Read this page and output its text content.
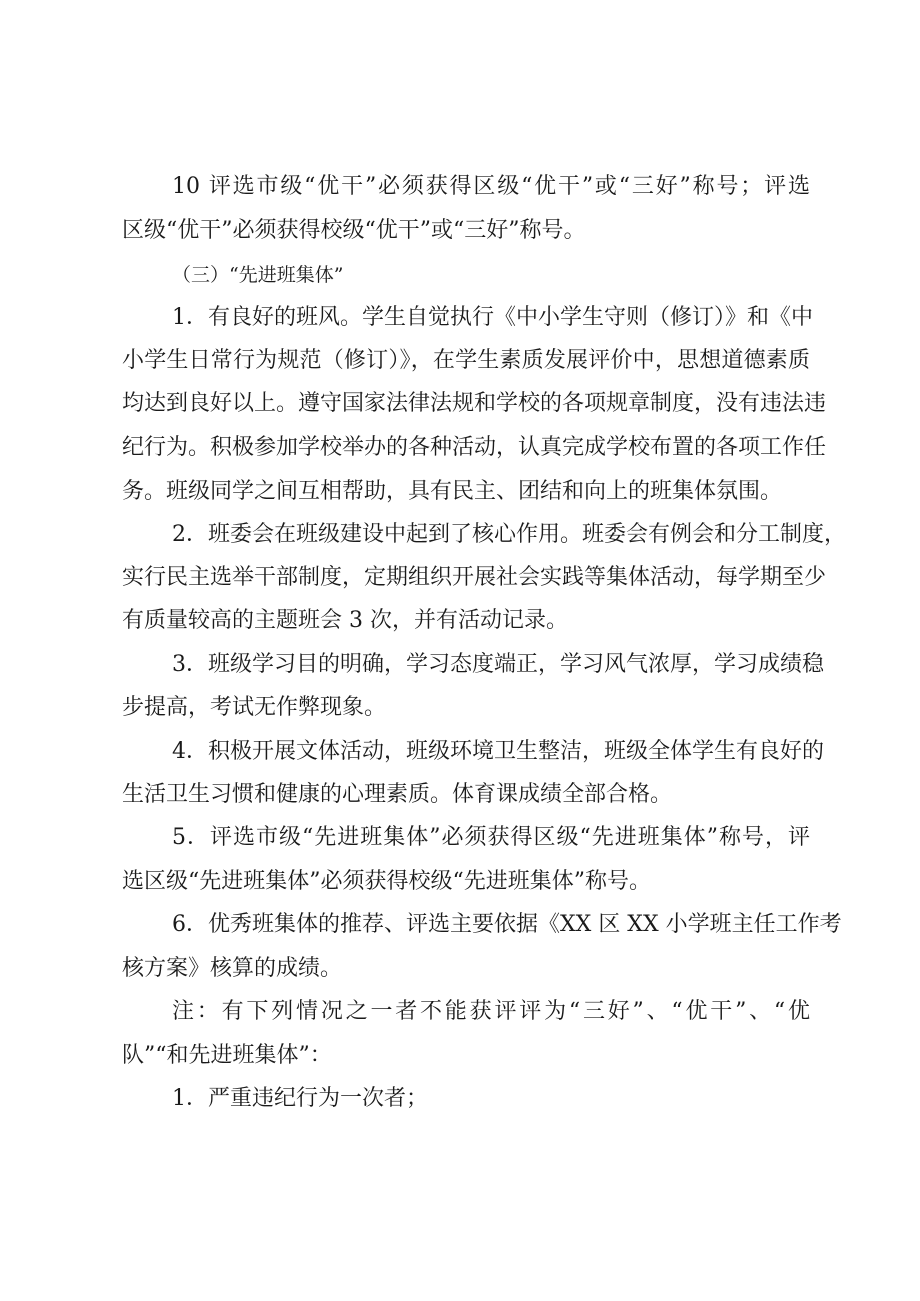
10 评选市级“优干”必须获得区级“优干”或“三好”称号；评选
区级“优干”必须获得校级“优干”或“三好”称号。
（三）“先进班集体”
1．有良好的班风。学生自觉执行《中小学生守则（修订）》和《中
小学生日常行为规范（修订）》，在学生素质发展评价中，思想道德素质
均达到良好以上。遵守国家法律法规和学校的各项规章制度，没有违法违
纪行为。积极参加学校举办的各种活动，认真完成学校布置的各项工作任
务。班级同学之间互相帮助，具有民主、团结和向上的班集体氛围。
2．班委会在班级建设中起到了核心作用。班委会有例会和分工制度，
实行民主选举干部制度，定期组织开展社会实践等集体活动，每学期至少
有质量较高的主题班会 3 次，并有活动记录。
3．班级学习目的明确，学习态度端正，学习风气浓厚，学习成绩稳
步提高，考试无作弊现象。
4．积极开展文体活动，班级环境卫生整洁，班级全体学生有良好的
生活卫生习惯和健康的心理素质。体育课成绩全部合格。
5．评选市级“先进班集体”必须获得区级“先进班集体”称号，评
选区级“先进班集体”必须获得校级“先进班集体”称号。
6．优秀班集体的推荐、评选主要依据《XX 区 XX 小学班主任工作考
核方案》核算的成绩。
注：有下列情况之一者不能获评评为“三好”、“优干”、“优
队”“和先进班集体”：
1．严重违纪行为一次者；
